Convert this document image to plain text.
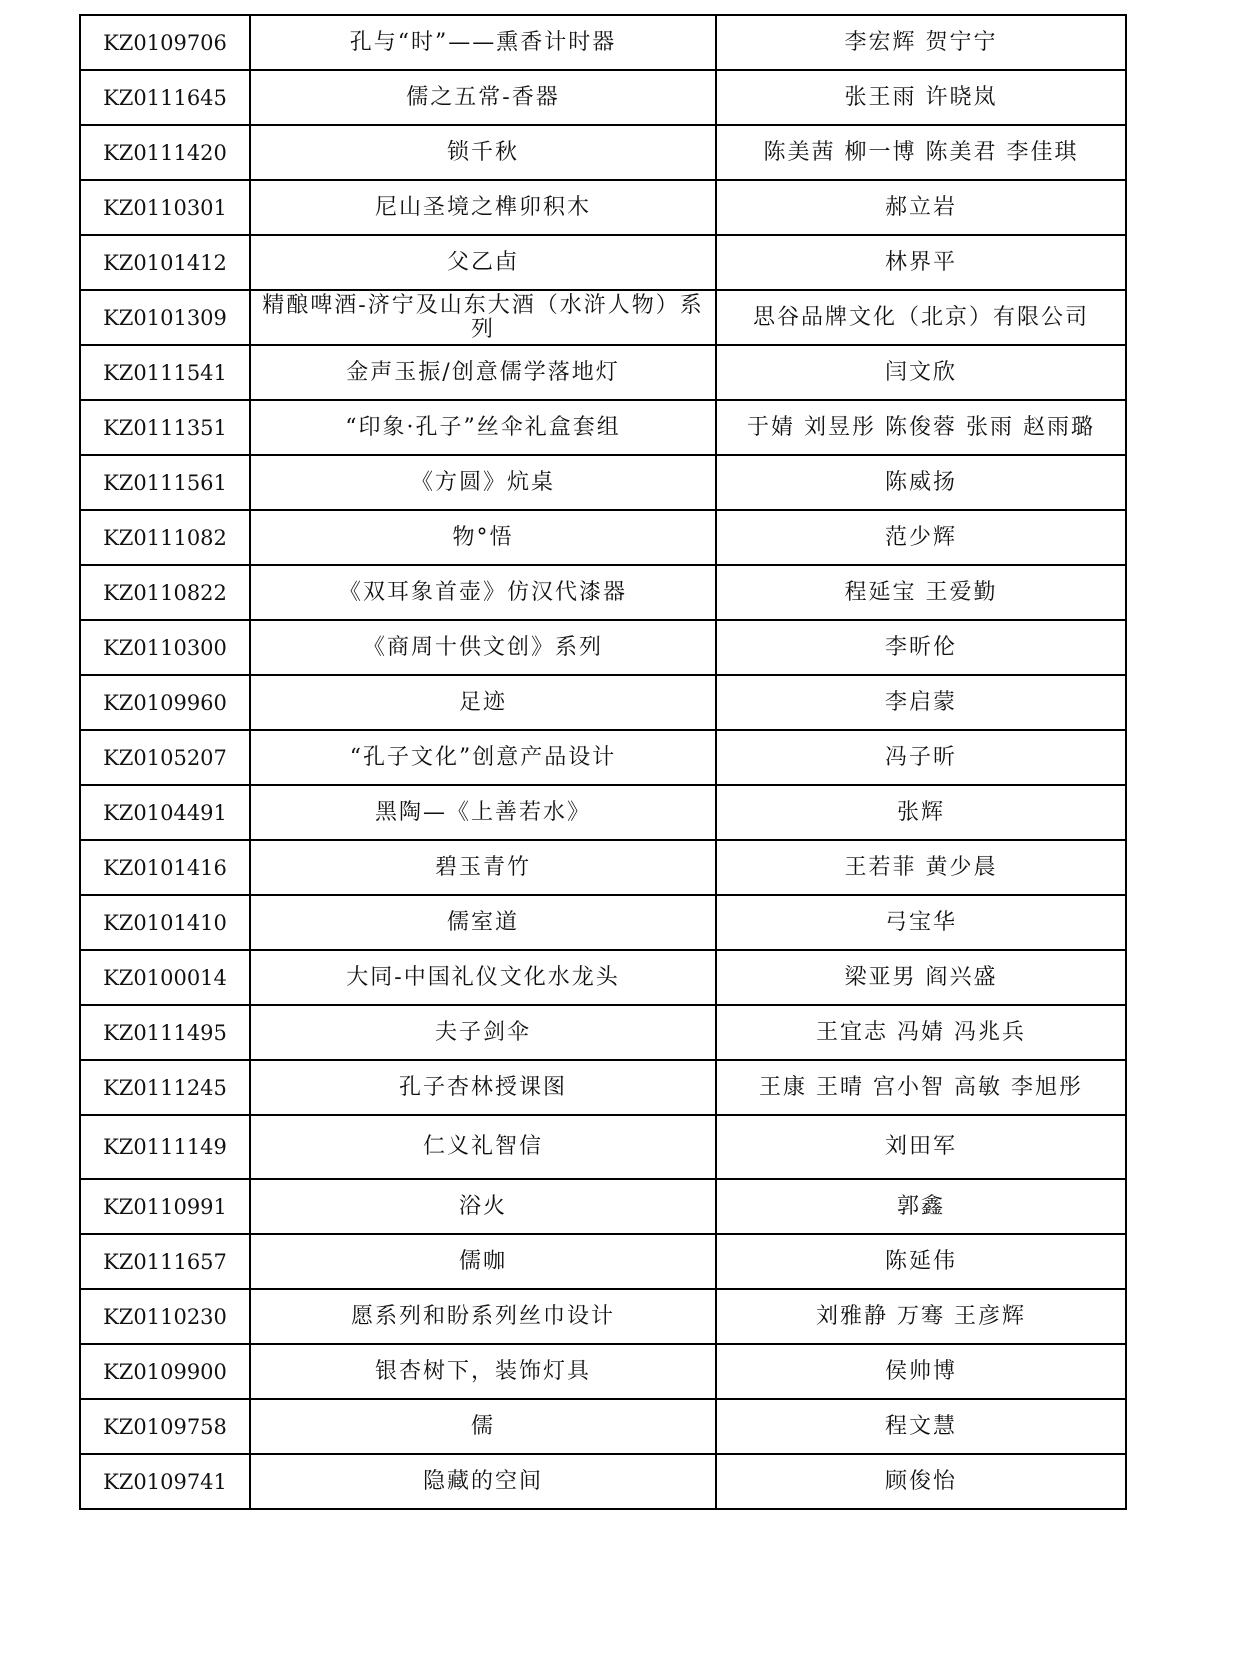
KZ0109706	孔与“时”——熏香计时器	李宏辉 贺宁宁
KZ0111645	儒之五常-香器	张王雨 许晓岚
KZ0111420	锁千秋	陈美茜 柳一博 陈美君 李佳琪
KZ0110301	尼山圣境之榫卯积木	郝立岩
KZ0101412	父乙卣	林界平
KZ0101309	精酿啤酒-济宁及山东大酒（水浒人物）系列	思谷品牌文化（北京）有限公司
KZ0111541	金声玉振/创意儒学落地灯	闫文欣
KZ0111351	“印象·孔子”丝伞礼盒套组	于婧 刘昱彤 陈俊蓉 张雨 赵雨璐
KZ0111561	《方圆》炕桌	陈威扬
KZ0111082	物°悟	范少辉
KZ0110822	《双耳象首壶》仿汉代漆器	程延宝 王爱勤
KZ0110300	《商周十供文创》系列	李昕伦
KZ0109960	足迹	李启蒙
KZ0105207	“孔子文化”创意产品设计	冯子昕
KZ0104491	黑陶—《上善若水》	张辉
KZ0101416	碧玉青竹	王若菲 黄少晨
KZ0101410	儒室道	弓宝华
KZ0100014	大同-中国礼仪文化水龙头	梁亚男 阎兴盛
KZ0111495	夫子剑伞	王宜志 冯婧 冯兆兵
KZ0111245	孔子杏林授课图	王康 王晴 宫小智 高敏 李旭彤
KZ0111149	仁义礼智信	刘田军
KZ0110991	浴火	郭鑫
KZ0111657	儒咖	陈延伟
KZ0110230	愿系列和盼系列丝巾设计	刘雅静 万骞 王彦辉
KZ0109900	银杏树下，装饰灯具	侯帅博
KZ0109758	儒	程文慧
KZ0109741	隐藏的空间	顾俊怡
